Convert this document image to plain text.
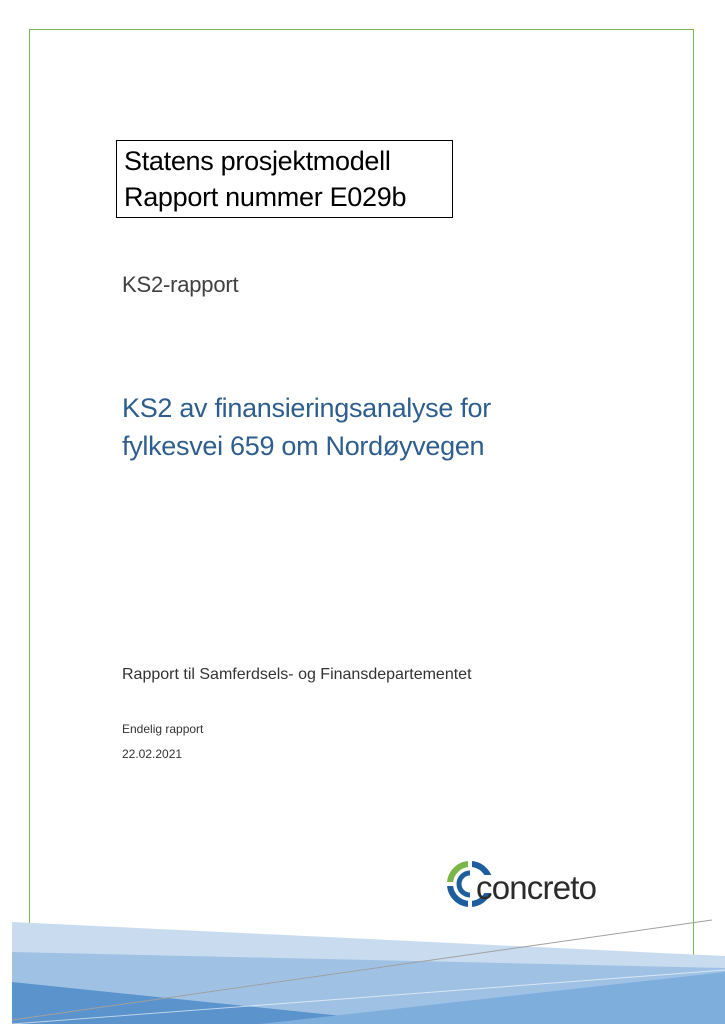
Statens prosjektmodell
Rapport nummer E029b
KS2-rapport
KS2 av finansieringsanalyse for
fylkesvei 659 om Nordøyvegen
Rapport til Samferdsels- og Finansdepartementet
Endelig rapport
22.02.2021
concreto
